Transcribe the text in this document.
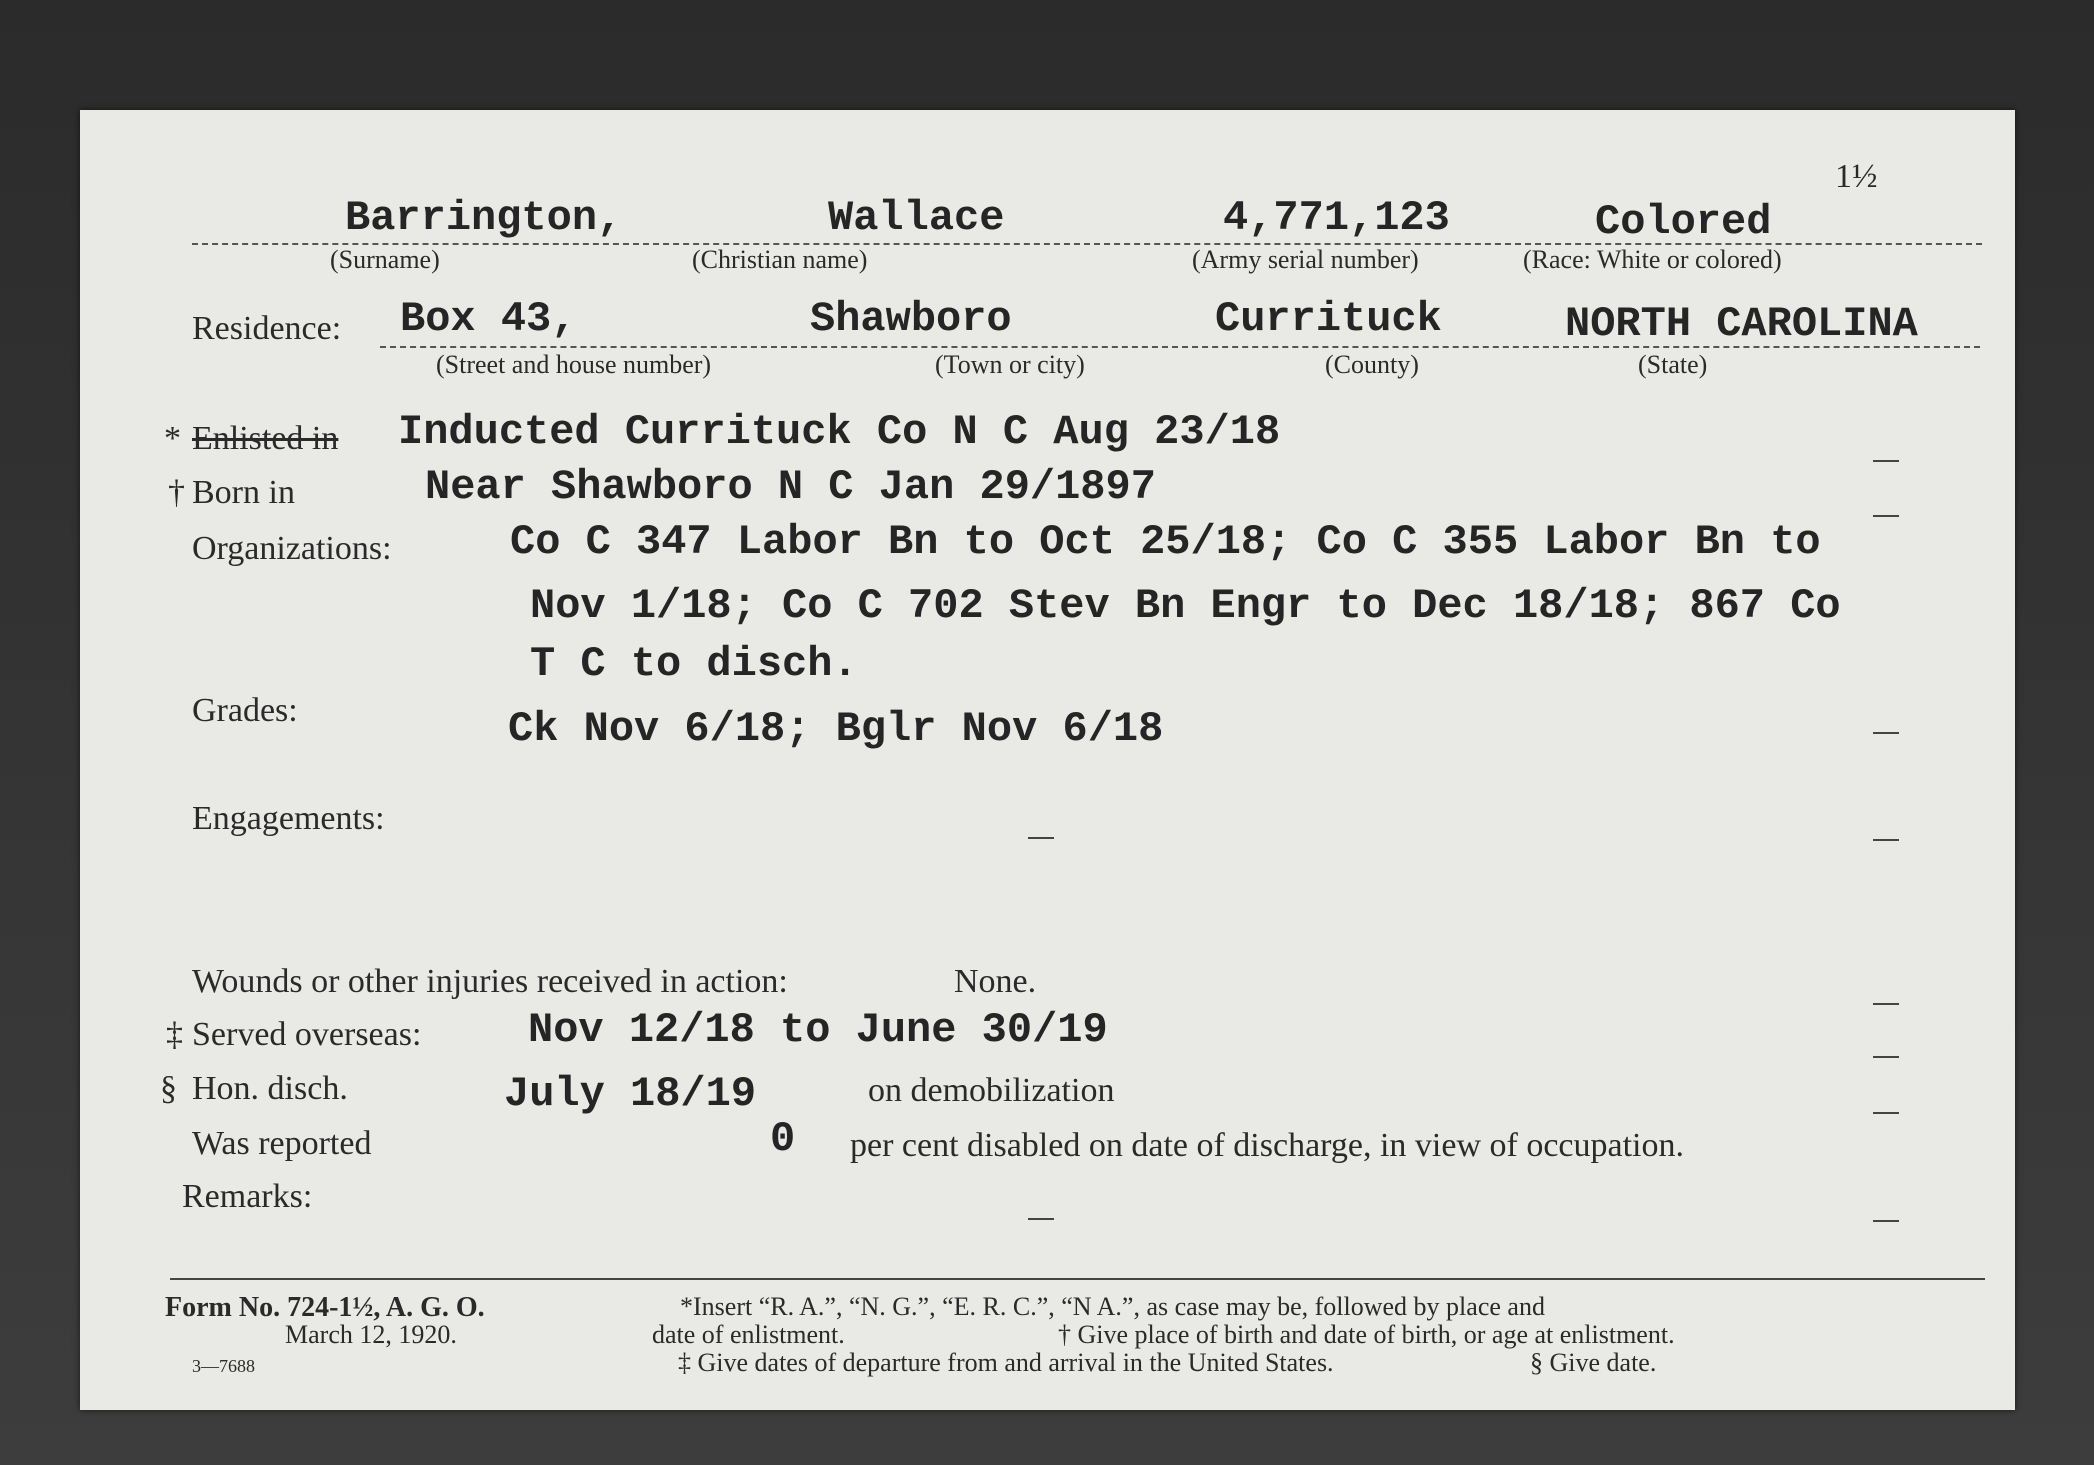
1½
Barrington,	Wallace	4,771,123	Colored
(Surname)	(Christian name)	(Army serial number)	(Race: White or colored)
Residence: Box 43,	Shawboro	Currituck	NORTH CAROLINA
(Street and house number)	(Town or city)	(County)	(State)
* Enlisted in Inducted Currituck Co N C Aug 23/18
† Born in	Near Shawboro N C Jan 29/1897
Organizations:	Co C 347 Labor Bn to Oct 25/18; Co C 355 Labor Bn to
Nov 1/18; Co C 702 Stev Bn Engr to Dec 18/18; 867 Co
T C to disch.
Grades:	Ck Nov 6/18; Bglr Nov 6/18
Engagements:
Wounds or other injuries received in action:	None.
‡ Served overseas:	Nov 12/18 to June 30/19
§ Hon. disch.	July 18/19	on demobilization
Was reported	0 per cent disabled on date of discharge, in view of occupation.
Remarks:
Form No. 724-1½, A. G. O.
March 12, 1920.
3—7688
*Insert “R. A.”, “N. G.”, “E. R. C.”, “N A.”, as case may be, followed by place and
date of enlistment.	† Give place of birth and date of birth, or age at enlistment.
‡ Give dates of departure from and arrival in the United States.	§ Give date.
